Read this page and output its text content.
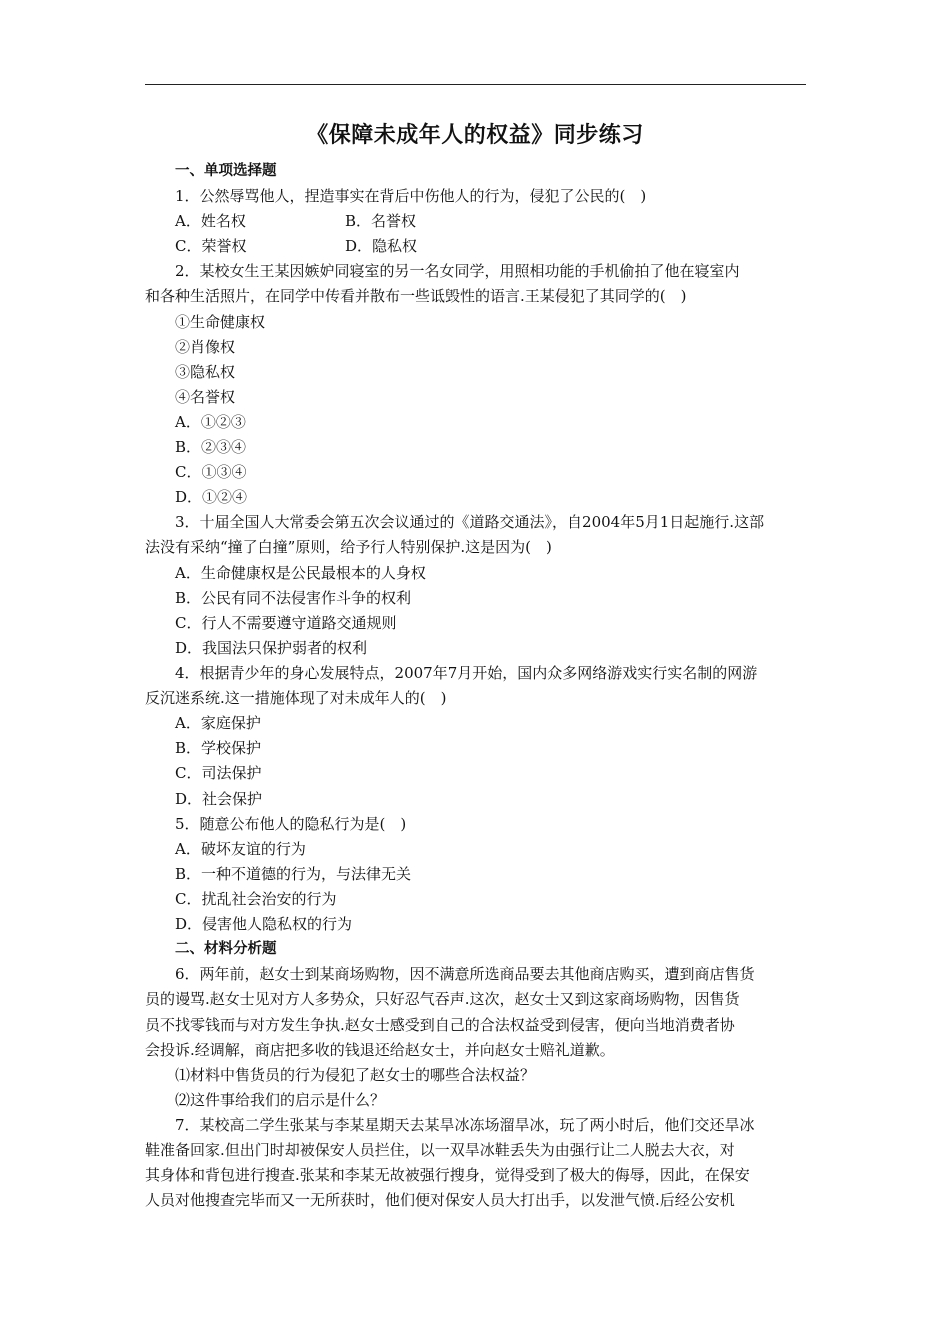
《保障未成年人的权益》同步练习
一、单项选择题
1．公然辱骂他人，捏造事实在背后中伤他人的行为，侵犯了公民的(　)
A．姓名权	B．名誉权
C．荣誉权	D．隐私权
2．某校女生王某因嫉妒同寝室的另一名女同学，用照相功能的手机偷拍了他在寝室内
和各种生活照片，在同学中传看并散布一些诋毁性的语言.王某侵犯了其同学的(　)
①生命健康权
②肖像权
③隐私权
④名誉权
A．①②③
B．②③④
C．①③④
D．①②④
3．十届全国人大常委会第五次会议通过的《道路交通法》，自2004年5月1日起施行.这部
法没有采纳“撞了白撞”原则，给予行人特别保护.这是因为(　)
A．生命健康权是公民最根本的人身权
B．公民有同不法侵害作斗争的权利
C．行人不需要遵守道路交通规则
D．我国法只保护弱者的权利
4．根据青少年的身心发展特点，2007年7月开始，国内众多网络游戏实行实名制的网游
反沉迷系统.这一措施体现了对未成年人的(　)
A．家庭保护
B．学校保护
C．司法保护
D．社会保护
5．随意公布他人的隐私行为是(　)
A．破坏友谊的行为
B．一种不道德的行为，与法律无关
C．扰乱社会治安的行为
D．侵害他人隐私权的行为
二、材料分析题
6．两年前，赵女士到某商场购物，因不满意所选商品要去其他商店购买，遭到商店售货
员的谩骂.赵女士见对方人多势众，只好忍气吞声.这次，赵女士又到这家商场购物，因售货
员不找零钱而与对方发生争执.赵女士感受到自己的合法权益受到侵害，便向当地消费者协
会投诉.经调解，商店把多收的钱退还给赵女士，并向赵女士赔礼道歉。
⑴材料中售货员的行为侵犯了赵女士的哪些合法权益？
⑵这件事给我们的启示是什么？
7．某校高二学生张某与李某星期天去某旱冰冻场溜旱冰，玩了两小时后，他们交还旱冰
鞋准备回家.但出门时却被保安人员拦住，以一双旱冰鞋丢失为由强行让二人脱去大衣，对
其身体和背包进行搜查.张某和李某无故被强行搜身，觉得受到了极大的侮辱，因此，在保安
人员对他搜查完毕而又一无所获时，他们便对保安人员大打出手，以发泄气愤.后经公安机
